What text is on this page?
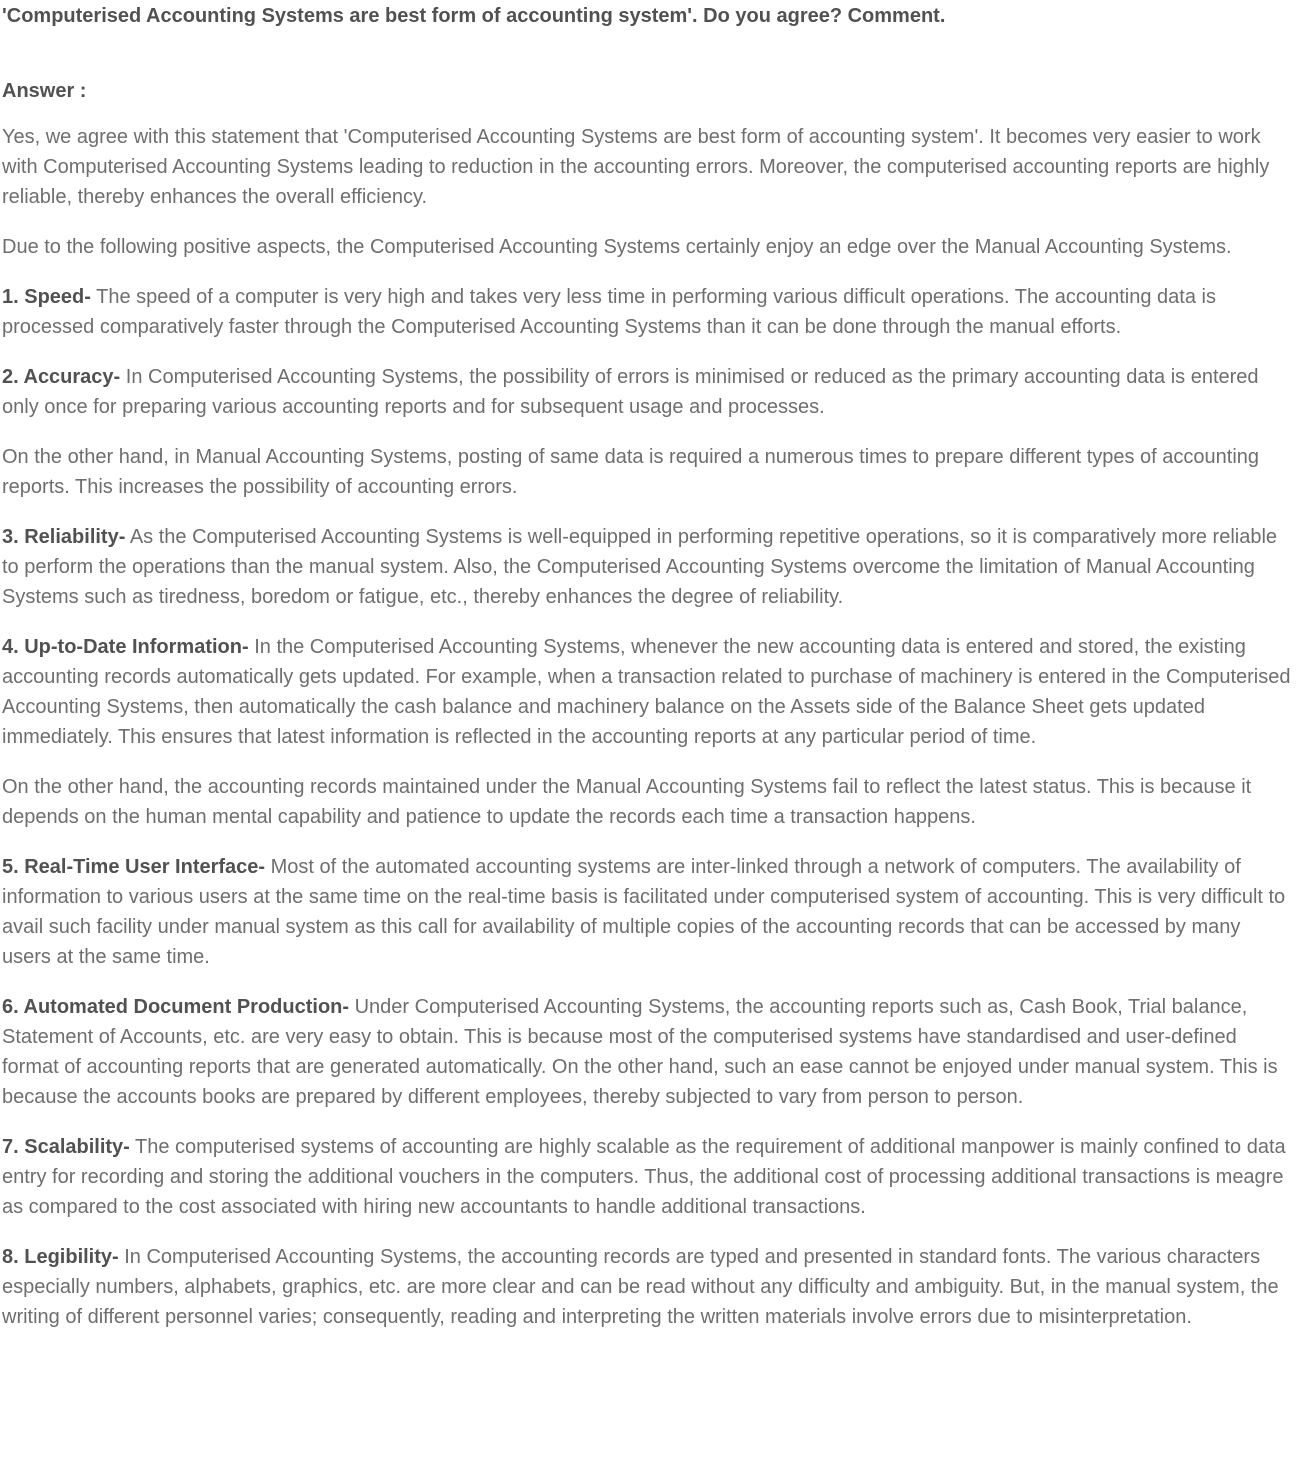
'Computerised Accounting Systems are best form of accounting system'. Do you agree? Comment.

Answer :

Yes, we agree with this statement that 'Computerised Accounting Systems are best form of accounting system'. It becomes very easier to work with Computerised Accounting Systems leading to reduction in the accounting errors. Moreover, the computerised accounting reports are highly reliable, thereby enhances the overall efficiency.

Due to the following positive aspects, the Computerised Accounting Systems certainly enjoy an edge over the Manual Accounting Systems.

1. Speed- The speed of a computer is very high and takes very less time in performing various difficult operations. The accounting data is processed comparatively faster through the Computerised Accounting Systems than it can be done through the manual efforts.

2. Accuracy- In Computerised Accounting Systems, the possibility of errors is minimised or reduced as the primary accounting data is entered only once for preparing various accounting reports and for subsequent usage and processes.

On the other hand, in Manual Accounting Systems, posting of same data is required a numerous times to prepare different types of accounting reports. This increases the possibility of accounting errors.

3. Reliability- As the Computerised Accounting Systems is well-equipped in performing repetitive operations, so it is comparatively more reliable to perform the operations than the manual system. Also, the Computerised Accounting Systems overcome the limitation of Manual Accounting Systems such as tiredness, boredom or fatigue, etc., thereby enhances the degree of reliability.

4. Up-to-Date Information- In the Computerised Accounting Systems, whenever the new accounting data is entered and stored, the existing accounting records automatically gets updated. For example, when a transaction related to purchase of machinery is entered in the Computerised Accounting Systems, then automatically the cash balance and machinery balance on the Assets side of the Balance Sheet gets updated immediately. This ensures that latest information is reflected in the accounting reports at any particular period of time.

On the other hand, the accounting records maintained under the Manual Accounting Systems fail to reflect the latest status. This is because it depends on the human mental capability and patience to update the records each time a transaction happens.

5. Real-Time User Interface- Most of the automated accounting systems are inter-linked through a network of computers. The availability of information to various users at the same time on the real-time basis is facilitated under computerised system of accounting. This is very difficult to avail such facility under manual system as this call for availability of multiple copies of the accounting records that can be accessed by many users at the same time.

6. Automated Document Production- Under Computerised Accounting Systems, the accounting reports such as, Cash Book, Trial balance, Statement of Accounts, etc. are very easy to obtain. This is because most of the computerised systems have standardised and user-defined format of accounting reports that are generated automatically. On the other hand, such an ease cannot be enjoyed under manual system. This is because the accounts books are prepared by different employees, thereby subjected to vary from person to person.

7. Scalability- The computerised systems of accounting are highly scalable as the requirement of additional manpower is mainly confined to data entry for recording and storing the additional vouchers in the computers. Thus, the additional cost of processing additional transactions is meagre as compared to the cost associated with hiring new accountants to handle additional transactions.

8. Legibility- In Computerised Accounting Systems, the accounting records are typed and presented in standard fonts. The various characters especially numbers, alphabets, graphics, etc. are more clear and can be read without any difficulty and ambiguity. But, in the manual system, the writing of different personnel varies; consequently, reading and interpreting the written materials involve errors due to misinterpretation.
